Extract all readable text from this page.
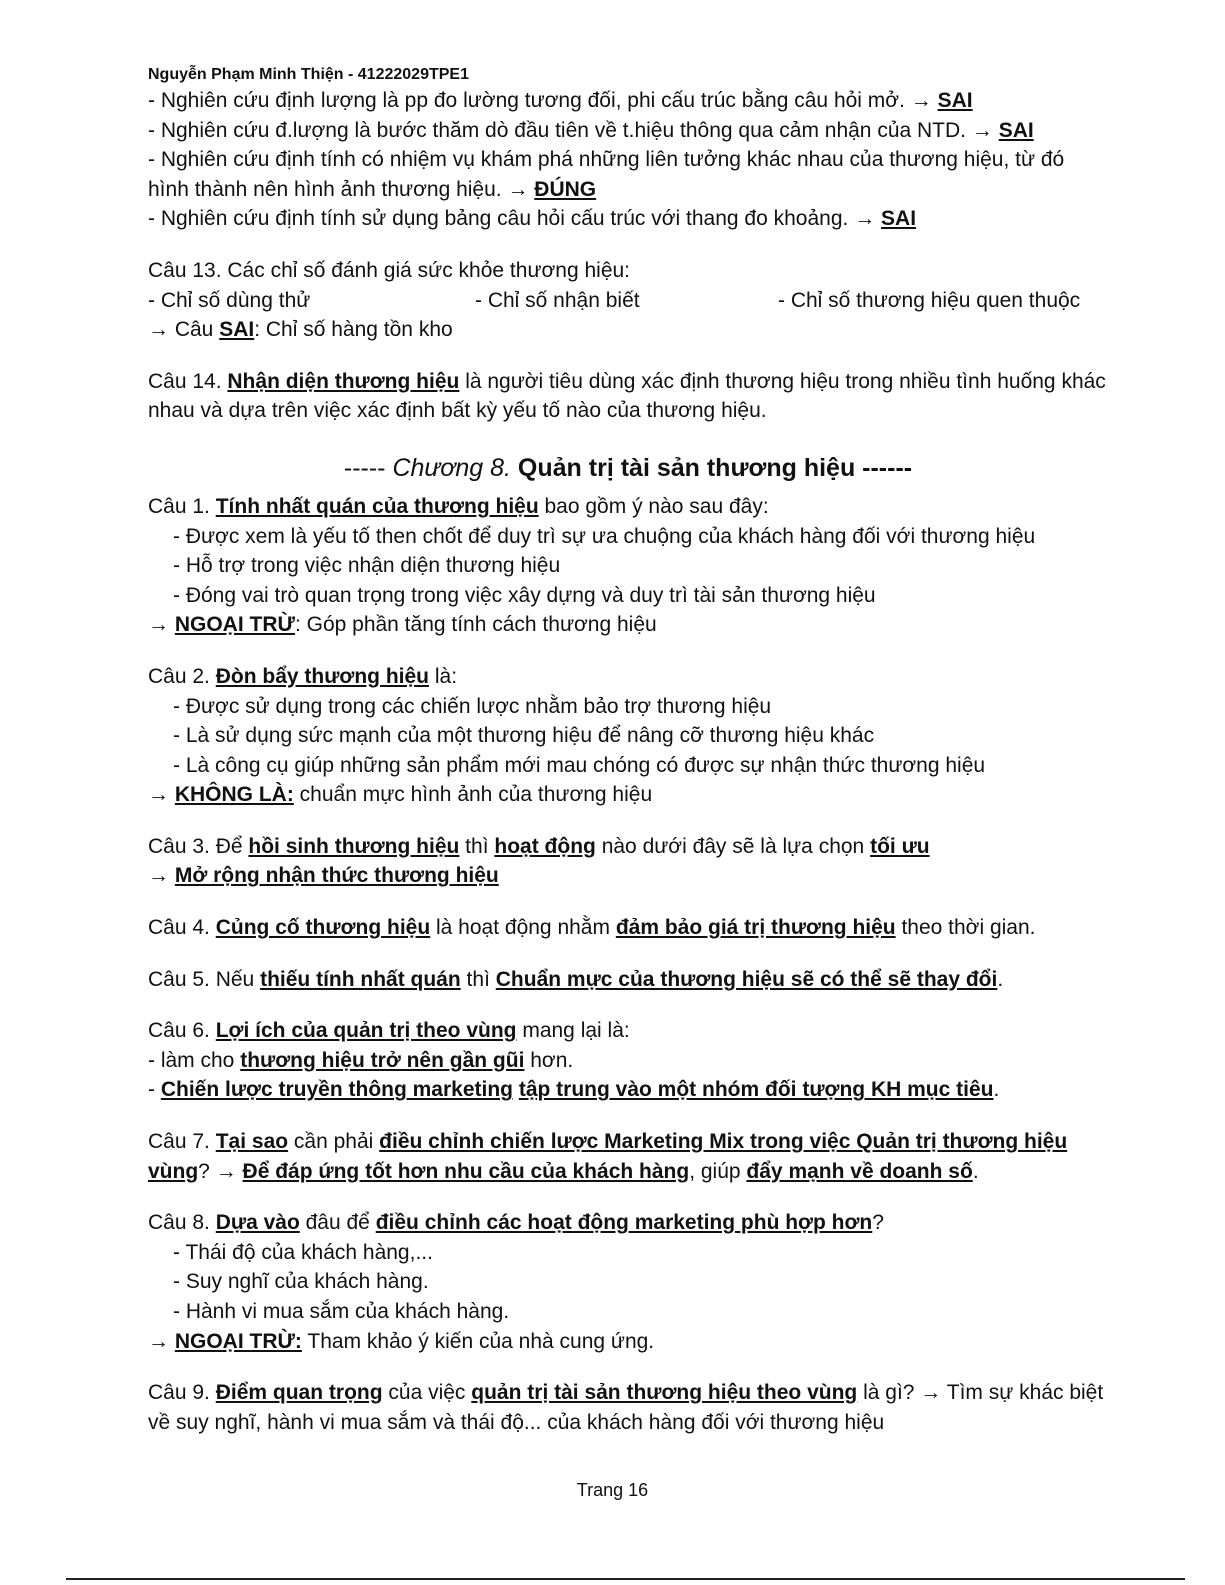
Nguyễn Phạm Minh Thiện - 41222029TPE1
- Nghiên cứu định lượng là pp đo lường tương đối, phi cấu trúc bằng câu hỏi mở. → SAI
- Nghiên cứu đ.lượng là bước thăm dò đầu tiên về t.hiệu thông qua cảm nhận của NTD. → SAI
- Nghiên cứu định tính có nhiệm vụ khám phá những liên tưởng khác nhau của thương hiệu, từ đó hình thành nên hình ảnh thương hiệu. → ĐÚNG
- Nghiên cứu định tính sử dụng bảng câu hỏi cấu trúc với thang đo khoảng. → SAI
Câu 13. Các chỉ số đánh giá sức khỏe thương hiệu:
- Chỉ số dùng thử	- Chỉ số nhận biết	- Chỉ số thương hiệu quen thuộc
→ Câu SAI: Chỉ số hàng tồn kho
Câu 14. Nhận diện thương hiệu là người tiêu dùng xác định thương hiệu trong nhiều tình huống khác nhau và dựa trên việc xác định bất kỳ yếu tố nào của thương hiệu.
----- Chương 8. Quản trị tài sản thương hiệu ------
Câu 1. Tính nhất quán của thương hiệu bao gồm ý nào sau đây:
- Được xem là yếu tố then chốt để duy trì sự ưa chuộng của khách hàng đối với thương hiệu
- Hỗ trợ trong việc nhận diện thương hiệu
- Đóng vai trò quan trọng trong việc xây dựng và duy trì tài sản thương hiệu
→ NGOẠI TRỪ: Góp phần tăng tính cách thương hiệu
Câu 2. Đòn bẩy thương hiệu là:
- Được sử dụng trong các chiến lược nhằm bảo trợ thương hiệu
- Là sử dụng sức mạnh của một thương hiệu để nâng cỡ thương hiệu khác
- Là công cụ giúp những sản phẩm mới mau chóng có được sự nhận thức thương hiệu
→ KHÔNG LÀ: chuẩn mực hình ảnh của thương hiệu
Câu 3. Để hồi sinh thương hiệu thì hoạt động nào dưới đây sẽ là lựa chọn tối ưu
→ Mở rộng nhận thức thương hiệu
Câu 4. Củng cố thương hiệu là hoạt động nhằm đảm bảo giá trị thương hiệu theo thời gian.
Câu 5. Nếu thiếu tính nhất quán thì Chuẩn mực của thương hiệu sẽ có thể sẽ thay đổi.
Câu 6. Lợi ích của quản trị theo vùng mang lại là:
- làm cho thương hiệu trở nên gần gũi hơn.
- Chiến lược truyền thông marketing tập trung vào một nhóm đối tượng KH mục tiêu.
Câu 7. Tại sao cần phải điều chỉnh chiến lược Marketing Mix trong việc Quản trị thương hiệu vùng? → Để đáp ứng tốt hơn nhu cầu của khách hàng, giúp đẩy mạnh về doanh số.
Câu 8. Dựa vào đâu để điều chỉnh các hoạt động marketing phù hợp hơn?
- Thái độ của khách hàng,...
- Suy nghĩ của khách hàng.
- Hành vi mua sắm của khách hàng.
→ NGOẠI TRỪ: Tham khảo ý kiến của nhà cung ứng.
Câu 9. Điểm quan trọng của việc quản trị tài sản thương hiệu theo vùng là gì? → Tìm sự khác biệt về suy nghĩ, hành vi mua sắm và thái độ... của khách hàng đối với thương hiệu
Trang 16
